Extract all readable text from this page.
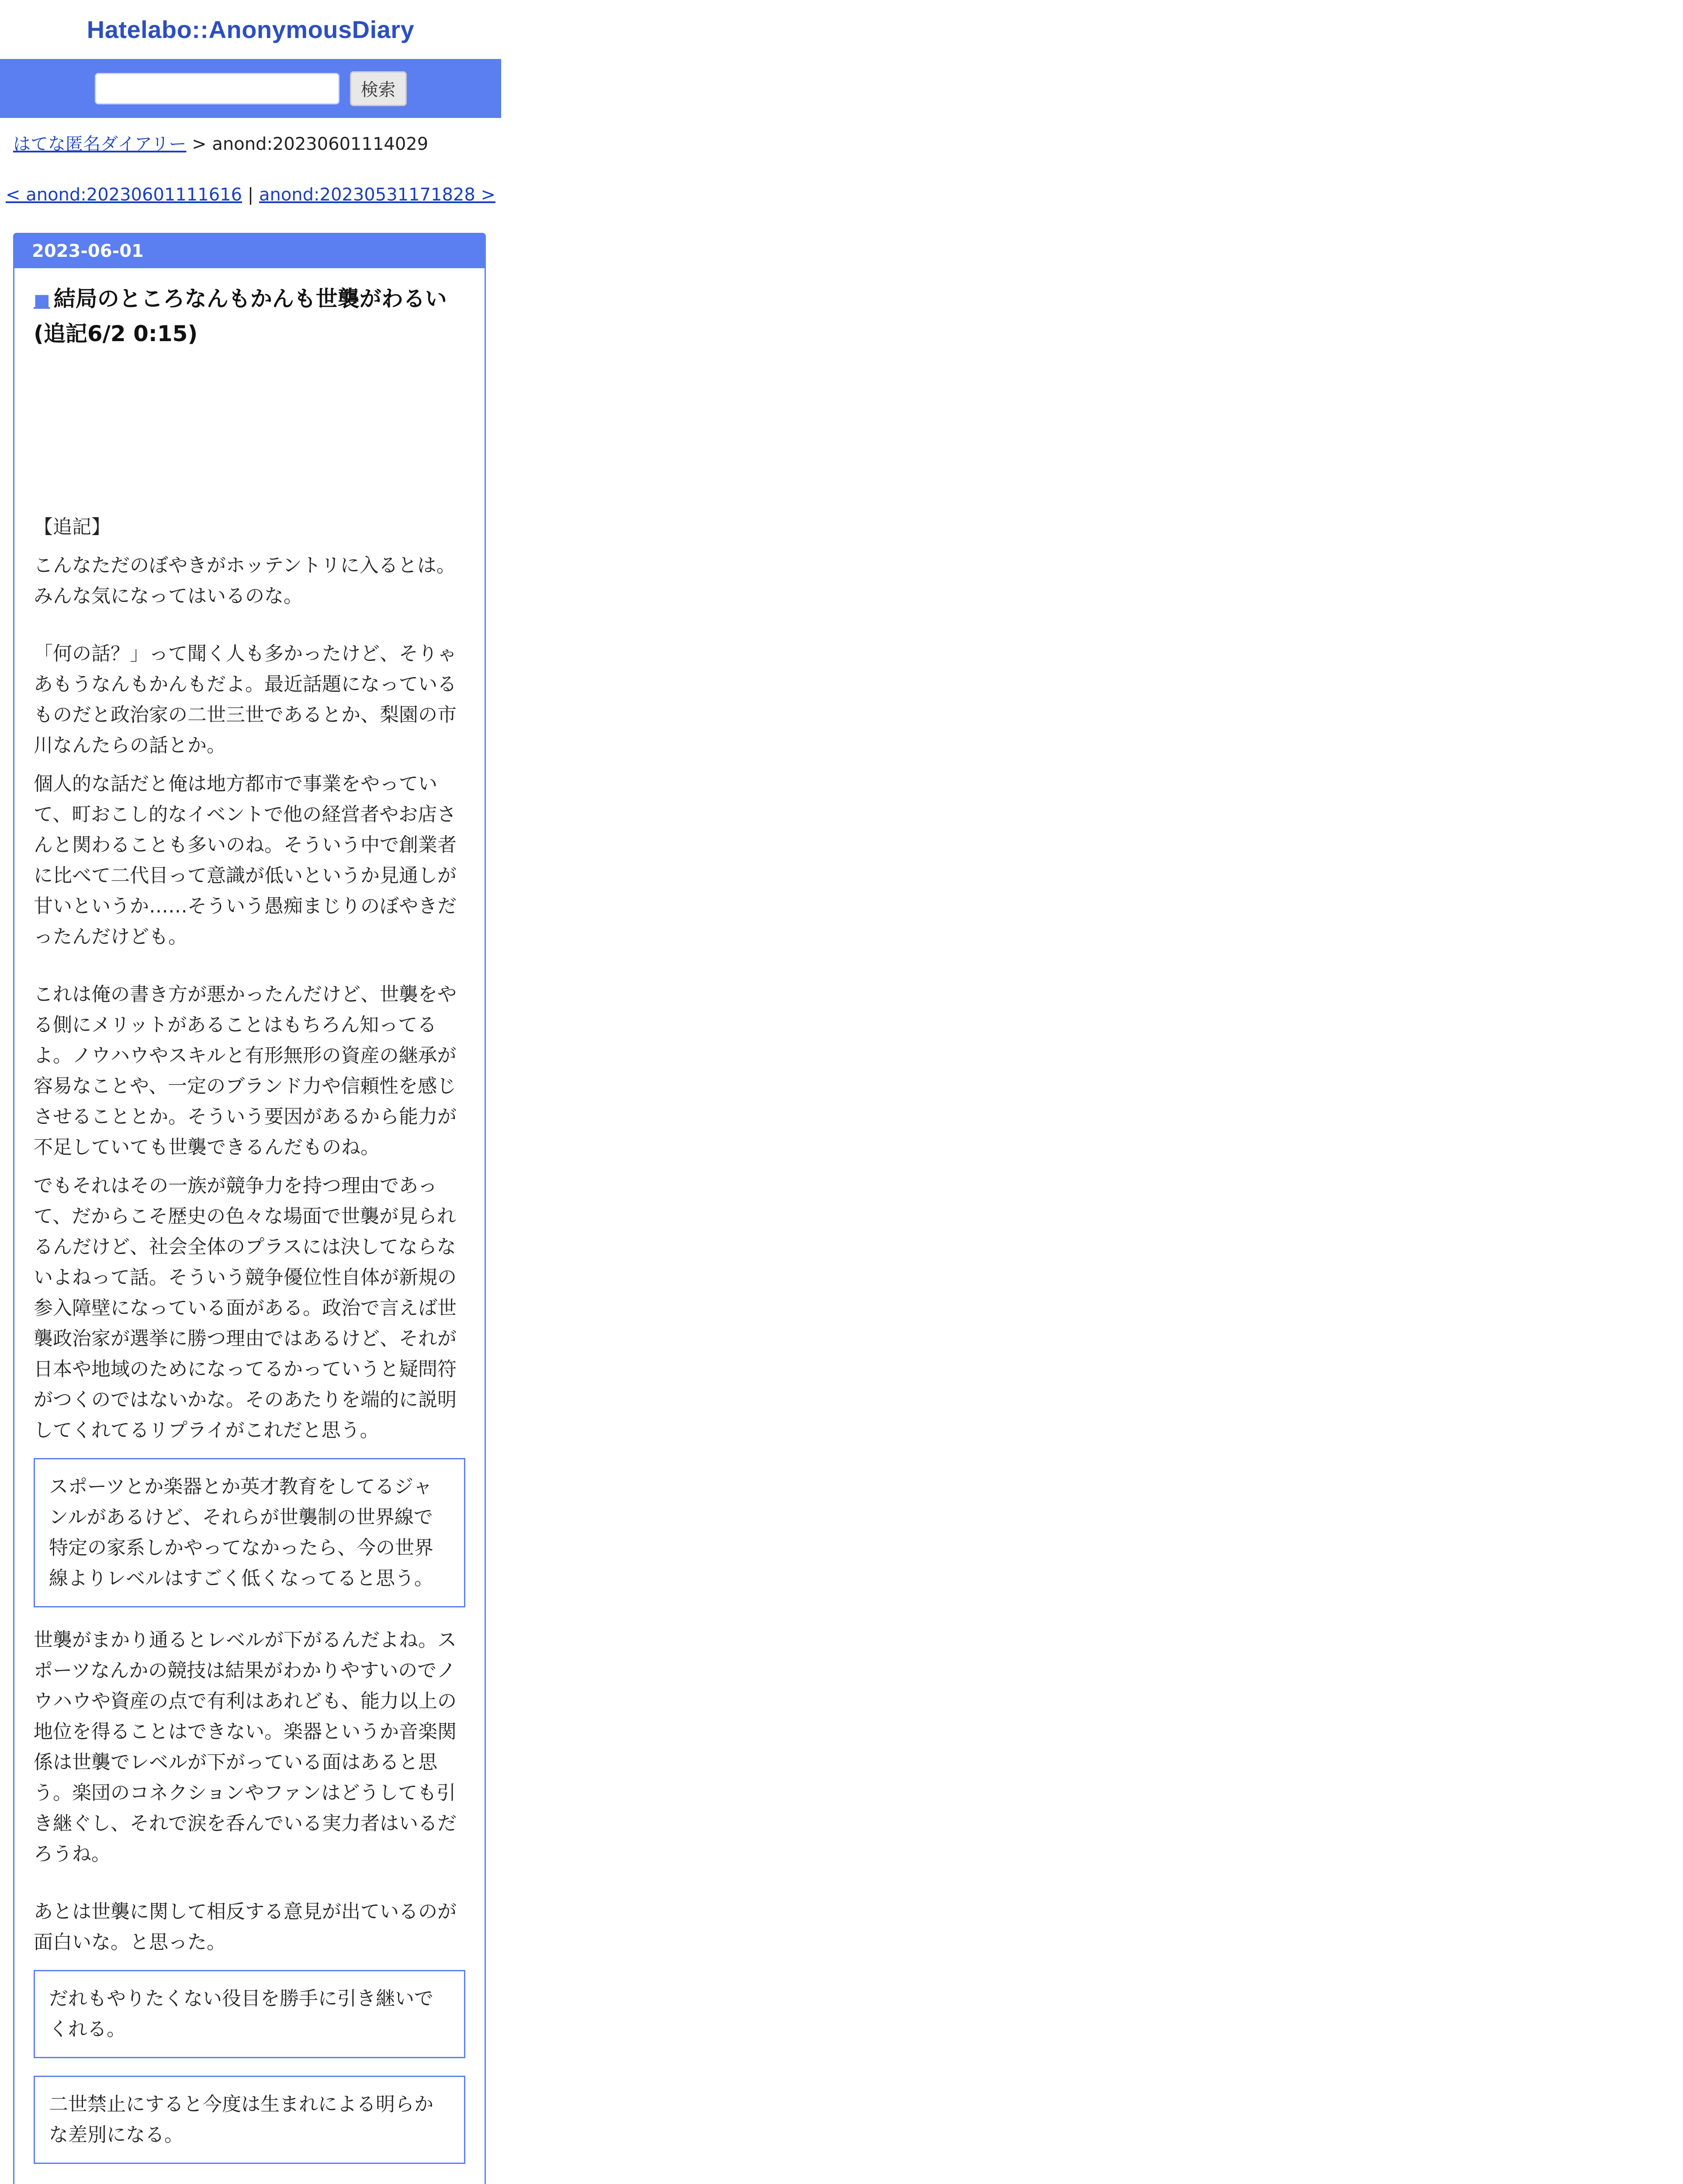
Hatelabo::AnonymousDiary
検索
はてな匿名ダイアリー > anond:20230601114029
< anond:20230601111616 | anond:20230531171828 >
2023-06-01
■ 結局のところなんもかんも世襲がわるい(追記6/2 0:15)

【追記】

こんなただのぼやきがホッテントリに入るとは。みんな気になってはいるのな。

「何の話？」って聞く人も多かったけど、そりゃあもうなんもかんもだよ。最近話題になっているものだと政治家の二世三世であるとか、梨園の市川なんたらの話とか。

個人的な話だと俺は地方都市で事業をやっていて、町おこし的なイベントで他の経営者やお店さんと関わることも多いのね。そういう中で創業者に比べて二代目って意識が低いというか見通しが甘いというか……そういう愚痴まじりのぼやきだったんだけども。

これは俺の書き方が悪かったんだけど、世襲をやる側にメリットがあることはもちろん知ってるよ。ノウハウやスキルと有形無形の資産の継承が容易なことや、一定のブランド力や信頼性を感じさせることとか。そういう要因があるから能力が不足していても世襲できるんだものね。

でもそれはその一族が競争力を持つ理由であって、だからこそ歴史の色々な場面で世襲が見られるんだけど、社会全体のプラスには決してならないよねって話。そういう競争優位性自体が新規の参入障壁になっている面がある。政治で言えば世襲政治家が選挙に勝つ理由ではあるけど、それが日本や地域のためになってるかっていうと疑問符がつくのではないかな。そのあたりを端的に説明してくれてるリプライがこれだと思う。

スポーツとか楽器とか英才教育をしてるジャンルがあるけど、それらが世襲制の世界線で特定の家系しかやってなかったら、今の世界線よりレベルはすごく低くなってると思う。

世襲がまかり通るとレベルが下がるんだよね。スポーツなんかの競技は結果がわかりやすいのでノウハウや資産の点で有利はあれども、能力以上の地位を得ることはできない。楽器というか音楽関係は世襲でレベルが下がっている面はあると思う。楽団のコネクションやファンはどうしても引き継ぐし、それで涙を呑んでいる実力者はいるだろうね。

あとは世襲に関して相反する意見が出ているのが面白いな。と思った。

だれもやりたくない役目を勝手に引き継いでくれる。

二世禁止にすると今度は生まれによる明らかな差別になる。
